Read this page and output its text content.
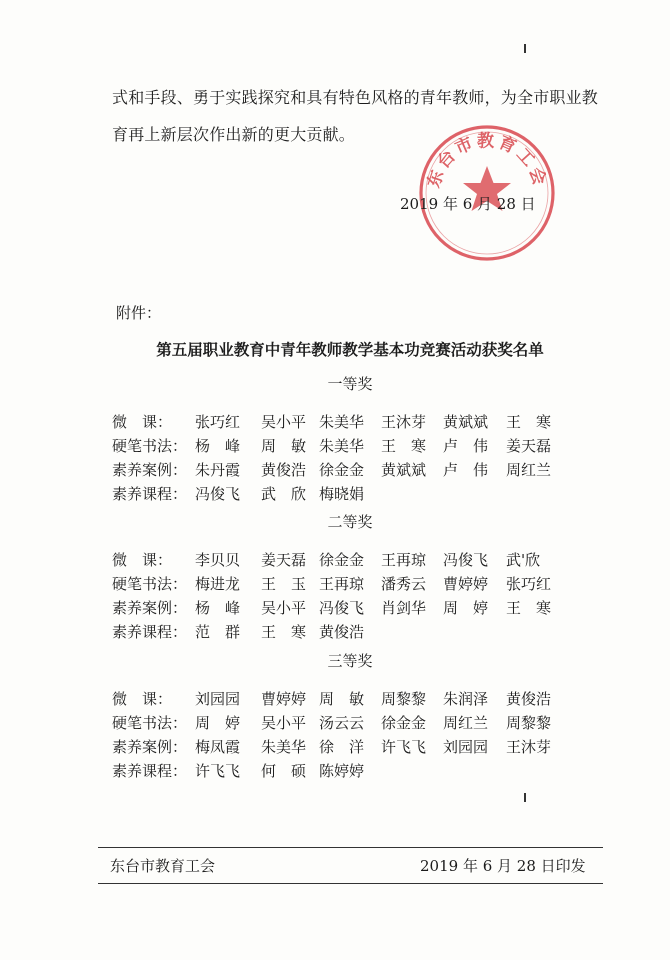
式和手段、勇于实践探究和具有特色风格的青年教师，为全市职业教
育再上新层次作出新的更大贡献。
东台市教育工会
2019 年 6 月 28 日
附件：
第五届职业教育中青年教师教学基本功竞赛活动获奖名单
一等奖
微　课：	张巧红 吴小平 朱美华 王沐芽 黄斌斌 王　寒
硬笔书法： 杨　峰 周　敏 朱美华 王　寒 卢　伟 姜天磊
素养案例： 朱丹霞 黄俊浩 徐金金 黄斌斌 卢　伟 周红兰
素养课程： 冯俊飞 武　欣 梅晓娟
二等奖
微　课：	李贝贝 姜天磊 徐金金 王再琼 冯俊飞 武'欣
硬笔书法： 梅进龙 王　玉 王再琼 潘秀云 曹婷婷 张巧红
素养案例： 杨　峰 吴小平 冯俊飞 肖剑华 周　婷 王　寒
素养课程： 范　群 王　寒 黄俊浩
三等奖
微　课：	刘园园 曹婷婷 周　敏 周黎黎 朱润泽 黄俊浩
硬笔书法： 周　婷 吴小平 汤云云 徐金金 周红兰 周黎黎
素养案例： 梅凤霞 朱美华 徐　洋 许飞飞 刘园园 王沐芽
素养课程： 许飞飞 何　硕 陈婷婷
东台市教育工会	2019 年 6 月 28 日印发
